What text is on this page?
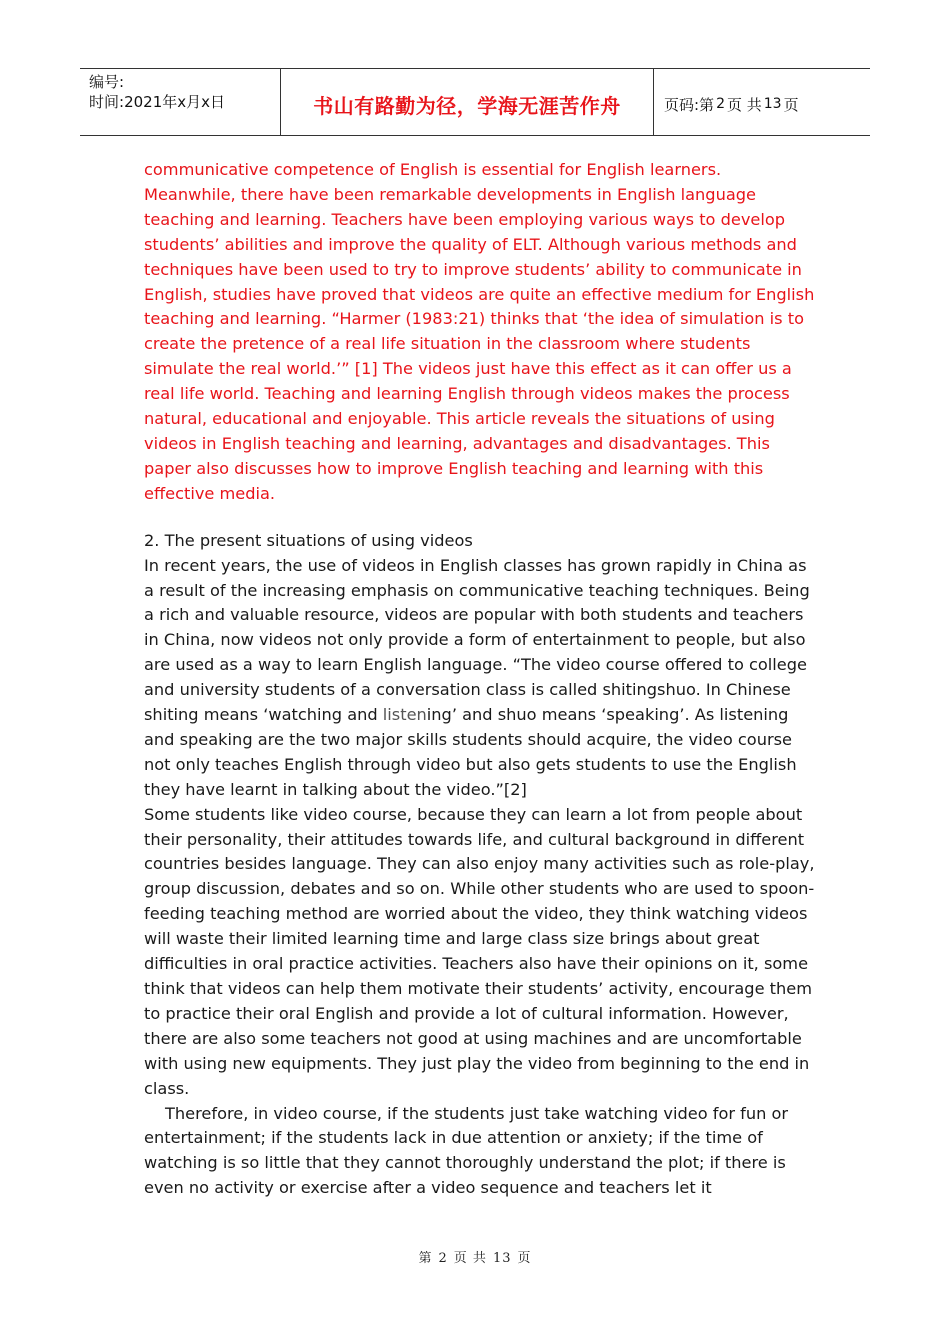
编号:
时间:2021年x月x日	书山有路勤为径，学海无涯苦作舟	页码:第 2 页 共 13 页

communicative competence of English is essential for English learners. Meanwhile, there have been remarkable developments in English language teaching and learning. Teachers have been employing various ways to develop students’ abilities and improve the quality of ELT. Although various methods and techniques have been used to try to improve students’ ability to communicate in English, studies have proved that videos are quite an effective medium for English teaching and learning. “Harmer (1983:21) thinks that ‘the idea of simulation is to create the pretence of a real life situation in the classroom where students simulate the real world.’” [1] The videos just have this effect as it can offer us a real life world. Teaching and learning English through videos makes the process natural, educational and enjoyable. This article reveals the situations of using videos in English teaching and learning, advantages and disadvantages. This paper also discusses how to improve English teaching and learning with this effective media.

2. The present situations of using videos

In recent years, the use of videos in English classes has grown rapidly in China as a result of the increasing emphasis on communicative teaching techniques. Being a rich and valuable resource, videos are popular with both students and teachers in China, now videos not only provide a form of entertainment to people, but also are used as a way to learn English language. “The video course offered to college and university students of a conversation class is called shitingshuo. In Chinese shiting means ‘watching and listening’ and shuo means ‘speaking’. As listening and speaking are the two major skills students should acquire, the video course not only teaches English through video but also gets students to use the English they have learnt in talking about the video.”[2]

Some students like video course, because they can learn a lot from people about their personality, their attitudes towards life, and cultural background in different countries besides language. They can also enjoy many activities such as role-play, group discussion, debates and so on. While other students who are used to spoon-feeding teaching method are worried about the video, they think watching videos will waste their limited learning time and large class size brings about great difficulties in oral practice activities. Teachers also have their opinions on it, some think that videos can help them motivate their students’ activity, encourage them to practice their oral English and provide a lot of cultural information. However, there are also some teachers not good at using machines and are uncomfortable with using new equipments. They just play the video from beginning to the end in class.

Therefore, in video course, if the students just take watching video for fun or entertainment; if the students lack in due attention or anxiety; if the time of watching is so little that they cannot thoroughly understand the plot; if there is even no activity or exercise after a video sequence and teachers let it

第 2 页 共 13 页
